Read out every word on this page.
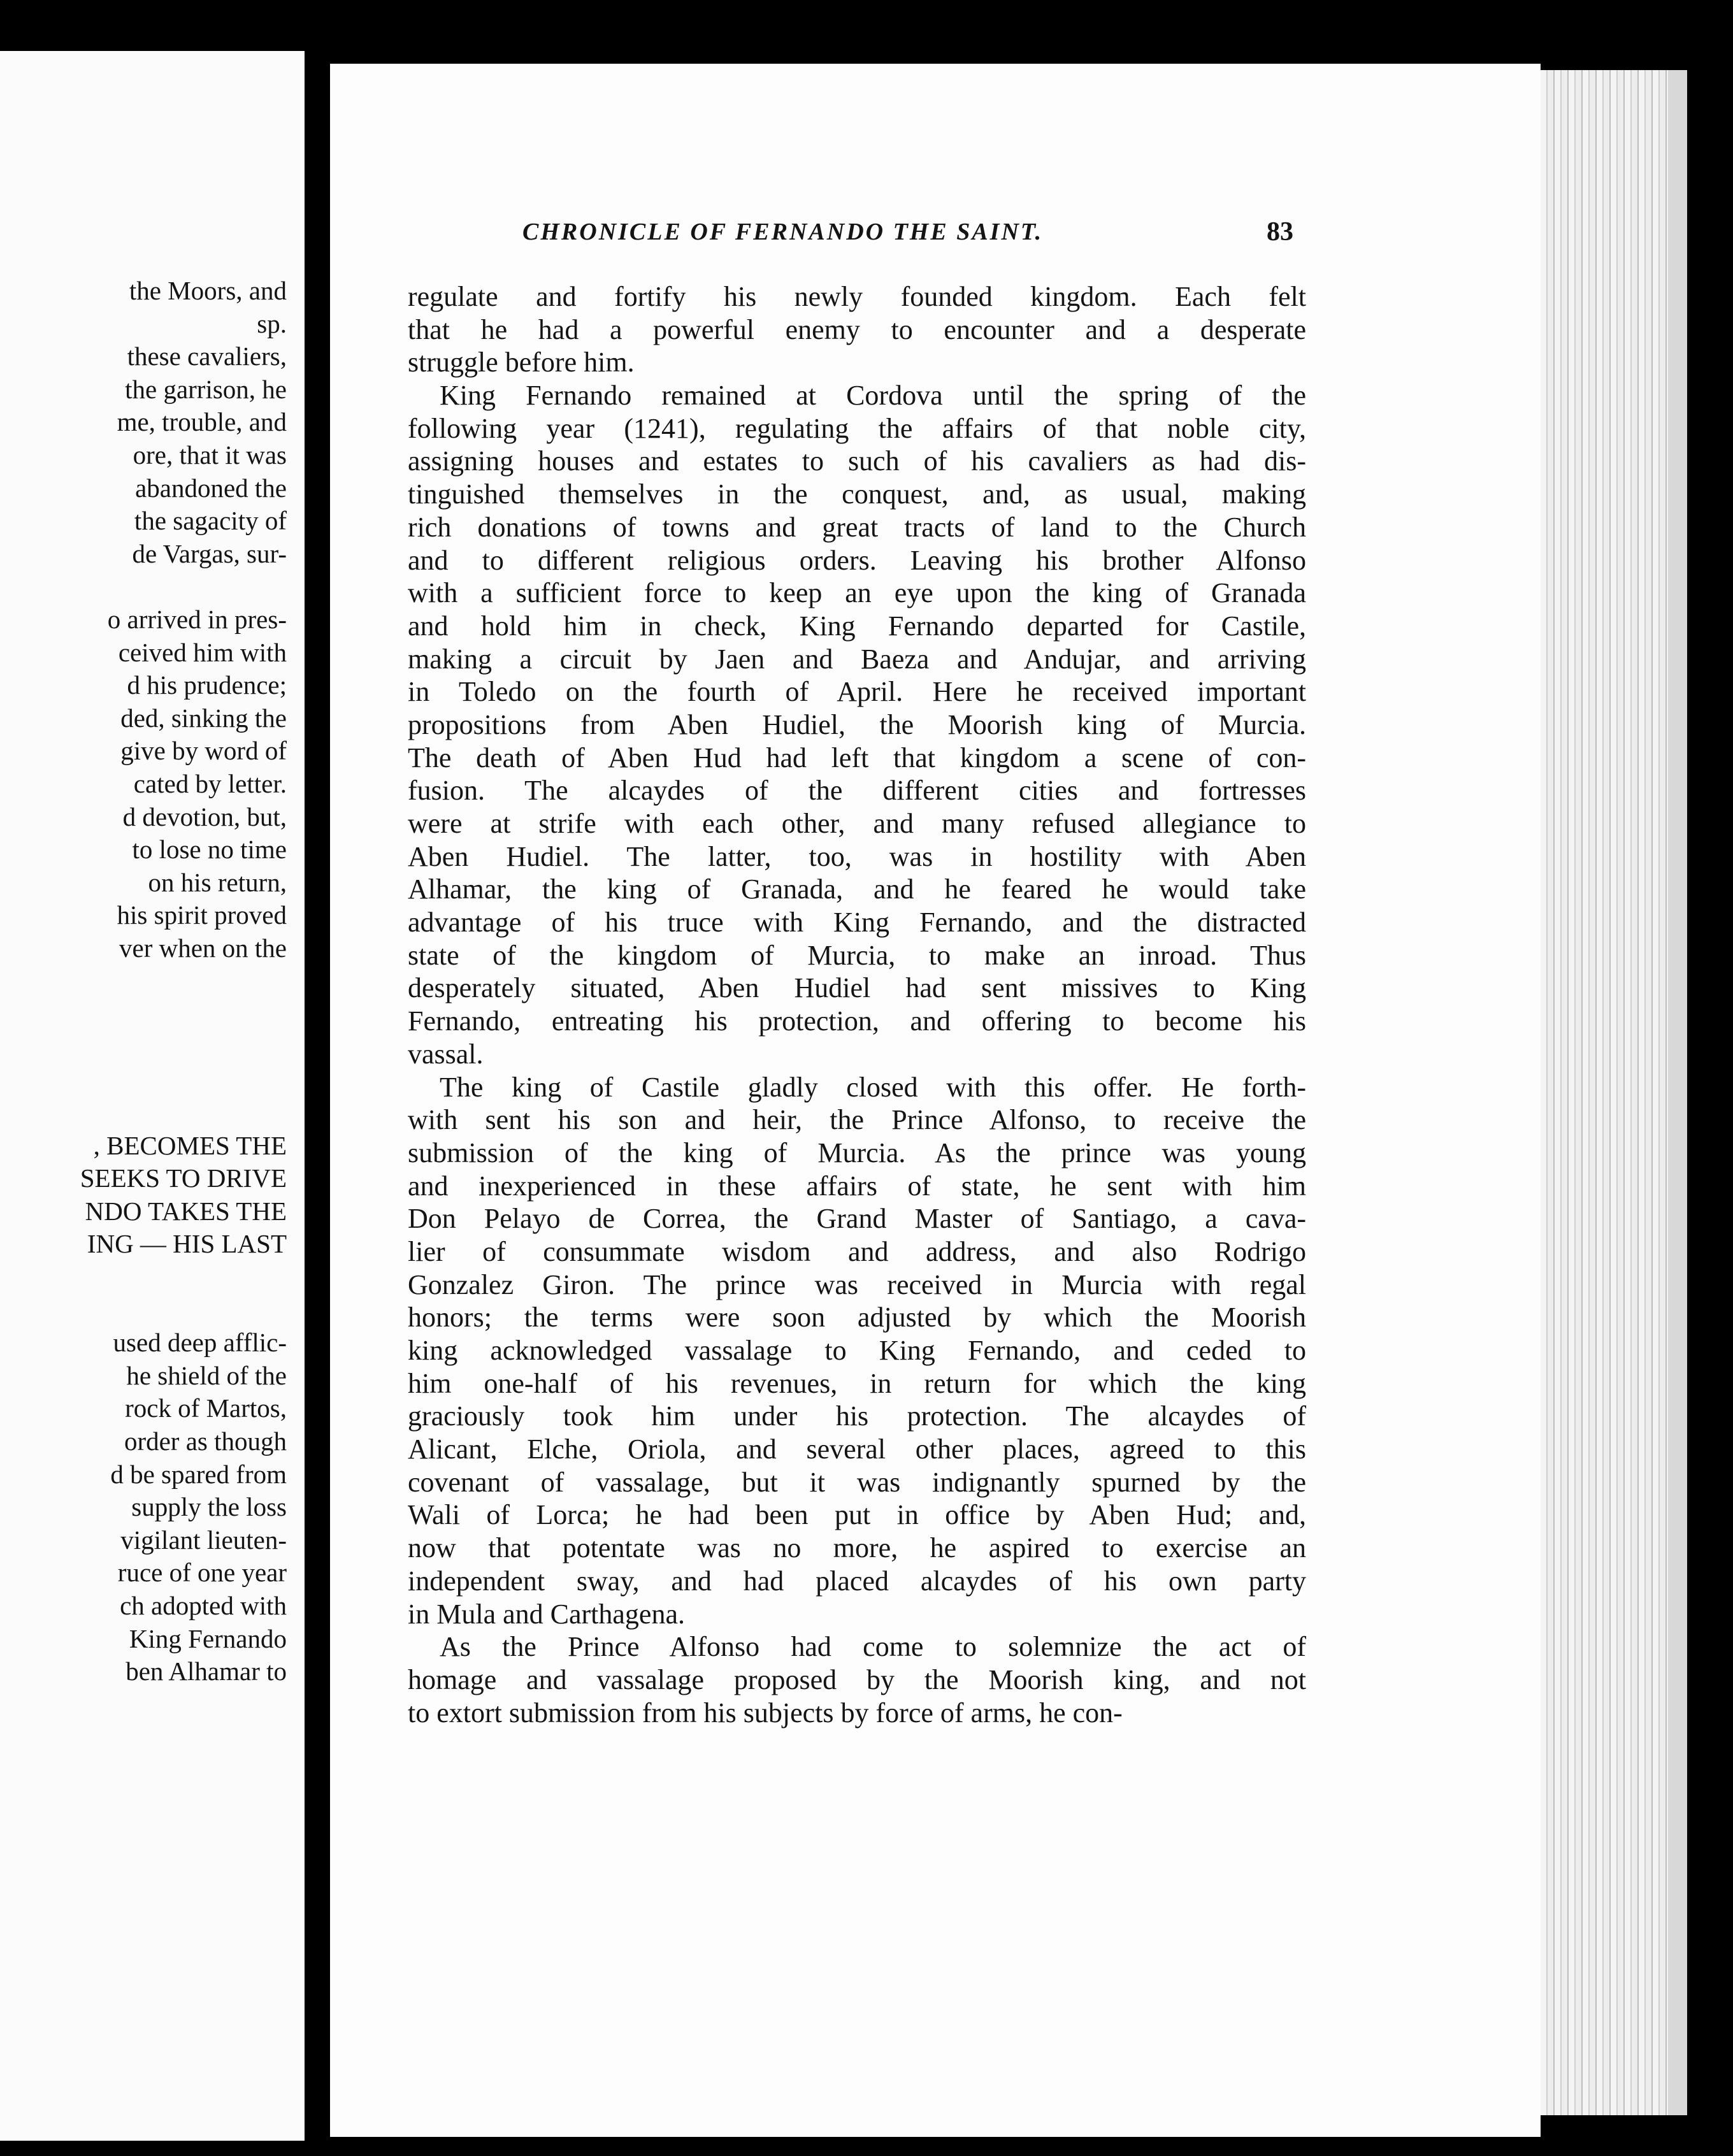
the Moors, and
sp.
these cavaliers,
the garrison, he
me, trouble, and
ore, that it was
abandoned the
the sagacity of
de Vargas, sur-
o arrived in pres-
ceived him with
d his prudence;
ded, sinking the
give by word of
cated by letter.
d devotion, but,
to lose no time
on his return,
his spirit proved
ver when on the
, BECOMES THE
SEEKS TO DRIVE
NDO TAKES THE
ING — HIS LAST
used deep afflic-
he shield of the
rock of Martos,
order as though
d be spared from
supply the loss
vigilant lieuten-
ruce of one year
ch adopted with
King Fernando
ben Alhamar to
CHRONICLE OF FERNANDO THE SAINT.	83
regulate and fortify his newly founded kingdom. Each felt
that he had a powerful enemy to encounter and a desperate
struggle before him.
King Fernando remained at Cordova until the spring of the
following year (1241), regulating the affairs of that noble city,
assigning houses and estates to such of his cavaliers as had dis-
tinguished themselves in the conquest, and, as usual, making
rich donations of towns and great tracts of land to the Church
and to different religious orders. Leaving his brother Alfonso
with a sufficient force to keep an eye upon the king of Granada
and hold him in check, King Fernando departed for Castile,
making a circuit by Jaen and Baeza and Andujar, and arriving
in Toledo on the fourth of April. Here he received important
propositions from Aben Hudiel, the Moorish king of Murcia.
The death of Aben Hud had left that kingdom a scene of con-
fusion. The alcaydes of the different cities and fortresses
were at strife with each other, and many refused allegiance to
Aben Hudiel. The latter, too, was in hostility with Aben
Alhamar, the king of Granada, and he feared he would take
advantage of his truce with King Fernando, and the distracted
state of the kingdom of Murcia, to make an inroad. Thus
desperately situated, Aben Hudiel had sent missives to King
Fernando, entreating his protection, and offering to become his
vassal.
The king of Castile gladly closed with this offer. He forth-
with sent his son and heir, the Prince Alfonso, to receive the
submission of the king of Murcia. As the prince was young
and inexperienced in these affairs of state, he sent with him
Don Pelayo de Correa, the Grand Master of Santiago, a cava-
lier of consummate wisdom and address, and also Rodrigo
Gonzalez Giron. The prince was received in Murcia with regal
honors; the terms were soon adjusted by which the Moorish
king acknowledged vassalage to King Fernando, and ceded to
him one-half of his revenues, in return for which the king
graciously took him under his protection. The alcaydes of
Alicant, Elche, Oriola, and several other places, agreed to this
covenant of vassalage, but it was indignantly spurned by the
Wali of Lorca; he had been put in office by Aben Hud; and,
now that potentate was no more, he aspired to exercise an
independent sway, and had placed alcaydes of his own party
in Mula and Carthagena.
As the Prince Alfonso had come to solemnize the act of
homage and vassalage proposed by the Moorish king, and not
to extort submission from his subjects by force of arms, he con-
